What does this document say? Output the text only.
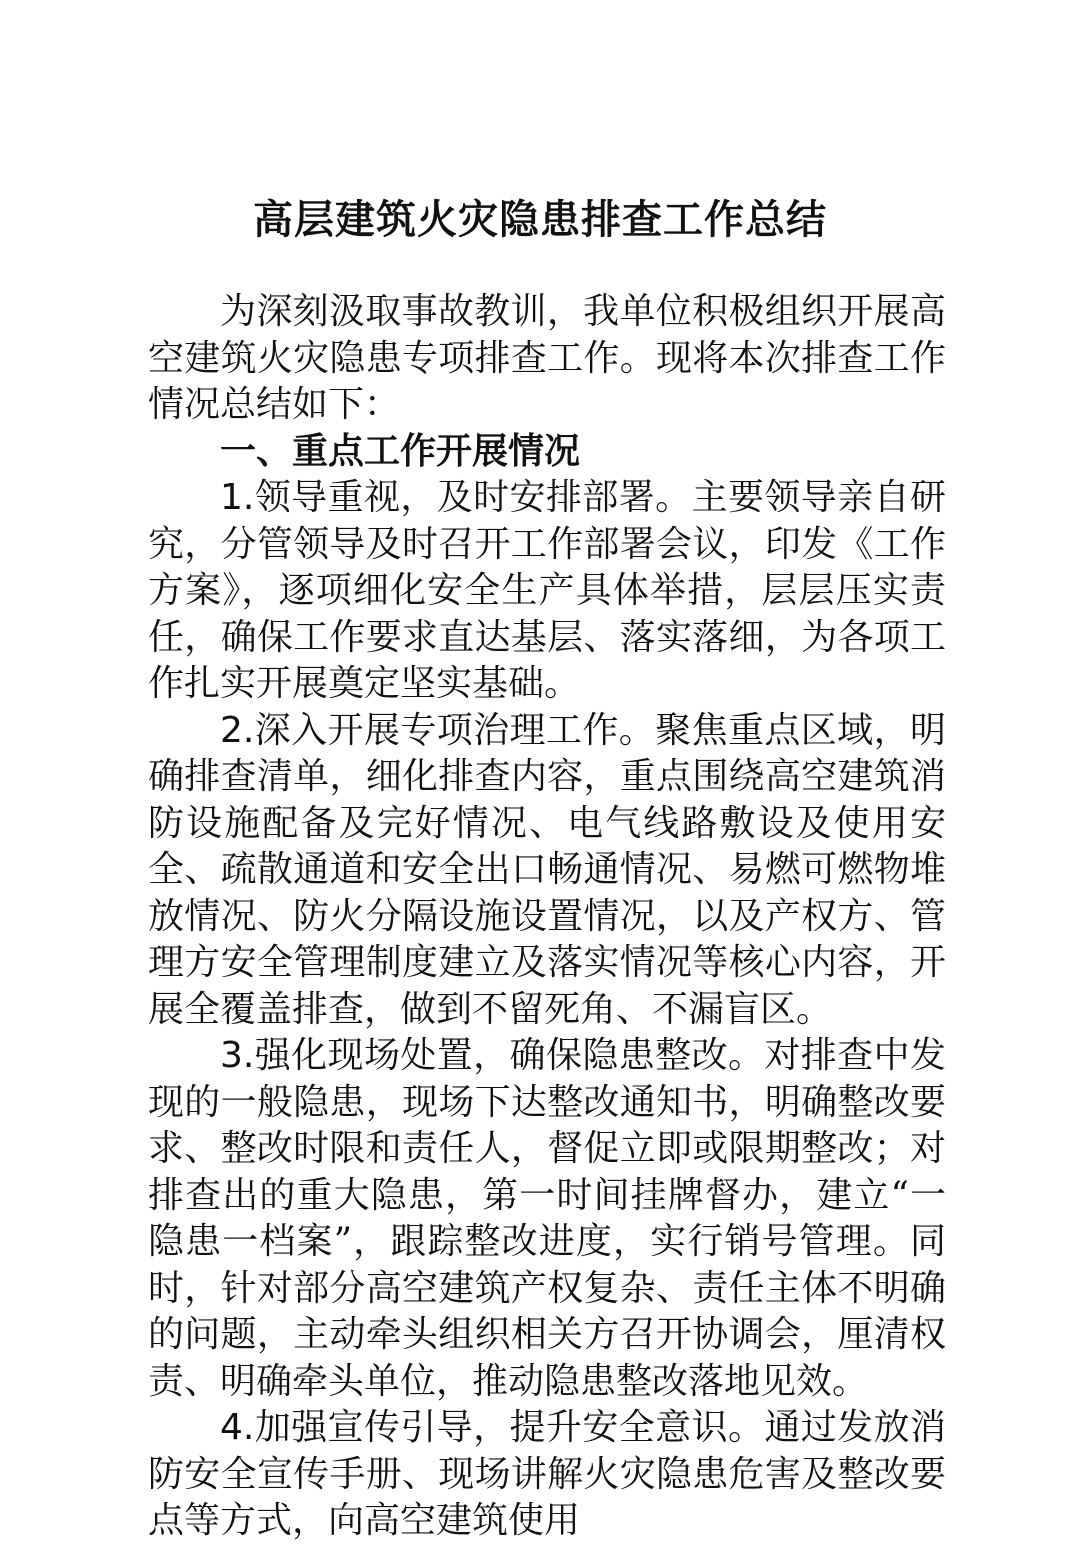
高层建筑火灾隐患排查工作总结

为深刻汲取事故教训，我单位积极组织开展高空建筑火灾隐患专项排查工作。现将本次排查工作情况总结如下：

一、重点工作开展情况

1.领导重视，及时安排部署。主要领导亲自研究，分管领导及时召开工作部署会议，印发《工作方案》，逐项细化安全生产具体举措，层层压实责任，确保工作要求直达基层、落实落细，为各项工作扎实开展奠定坚实基础。

2.深入开展专项治理工作。聚焦重点区域，明确排查清单，细化排查内容，重点围绕高空建筑消防设施配备及完好情况、电气线路敷设及使用安全、疏散通道和安全出口畅通情况、易燃可燃物堆放情况、防火分隔设施设置情况，以及产权方、管理方安全管理制度建立及落实情况等核心内容，开展全覆盖排查，做到不留死角、不漏盲区。

3.强化现场处置，确保隐患整改。对排查中发现的一般隐患，现场下达整改通知书，明确整改要求、整改时限和责任人，督促立即或限期整改；对排查出的重大隐患，第一时间挂牌督办，建立“一隐患一档案”，跟踪整改进度，实行销号管理。同时，针对部分高空建筑产权复杂、责任主体不明确的问题，主动牵头组织相关方召开协调会，厘清权责、明确牵头单位，推动隐患整改落地见效。

4.加强宣传引导，提升安全意识。通过发放消防安全宣传手册、现场讲解火灾隐患危害及整改要点等方式，向高空建筑使用
